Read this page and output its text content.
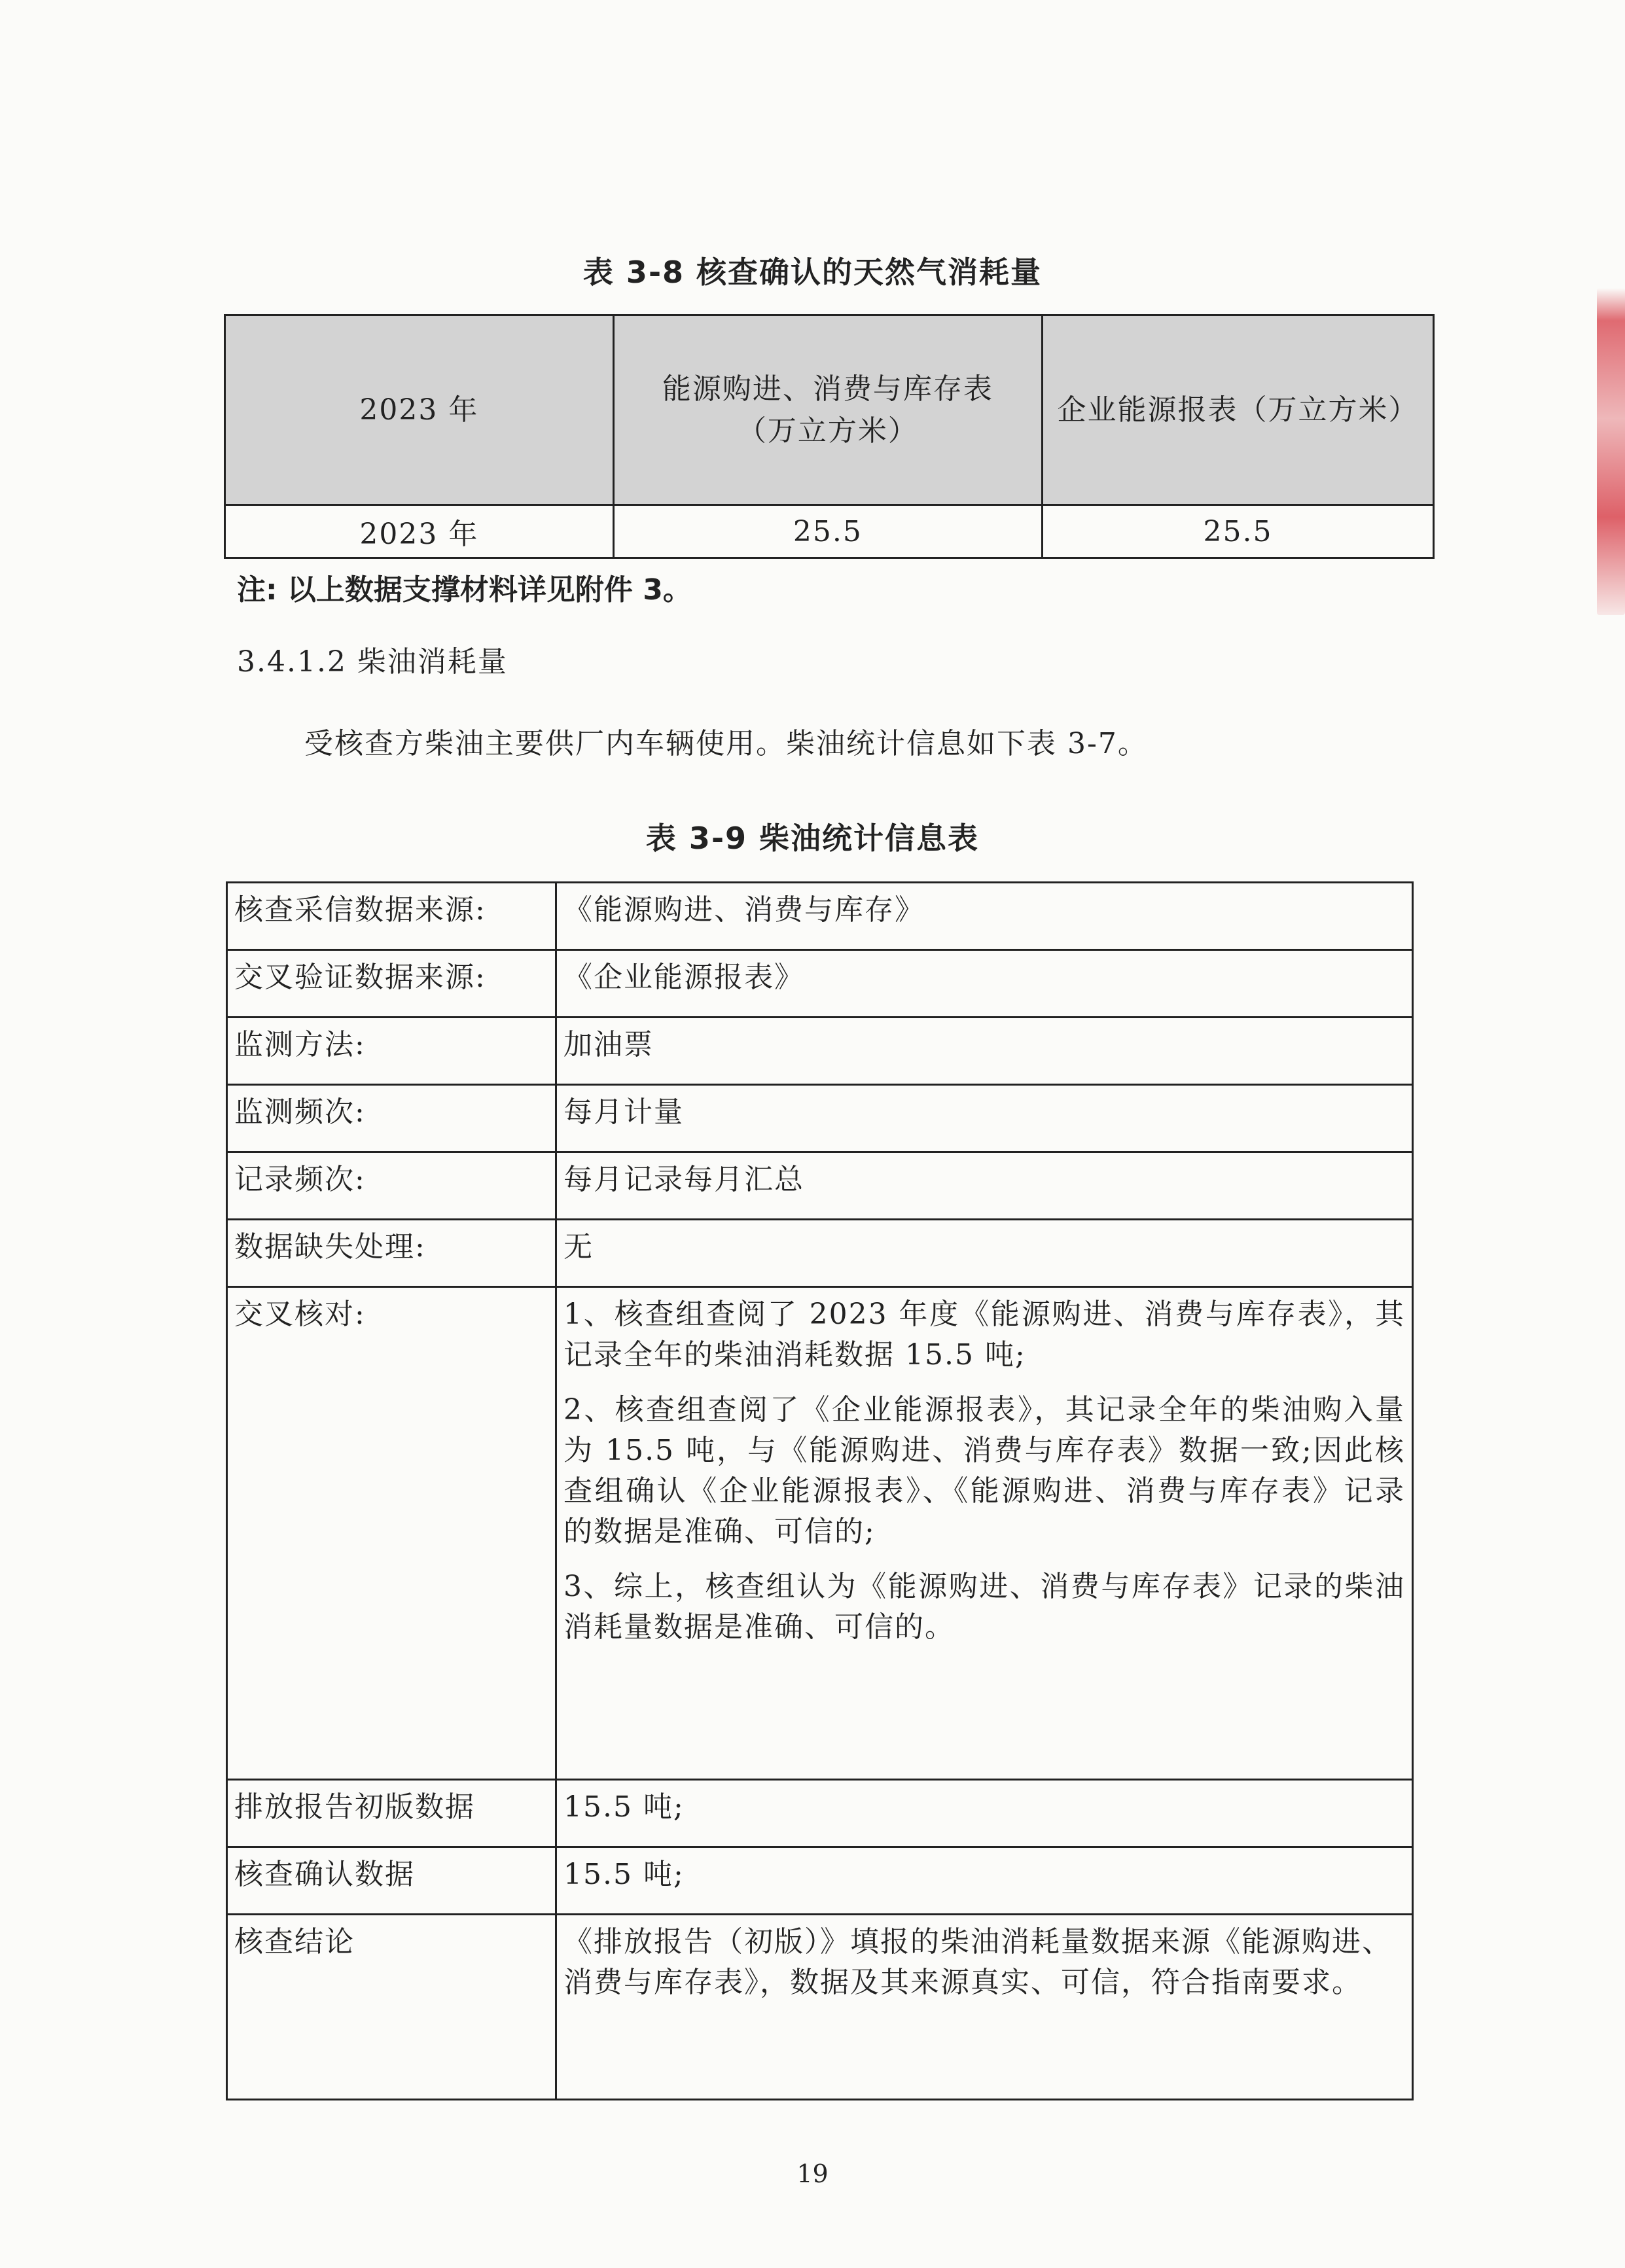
表 3-8 核查确认的天然气消耗量
2023 年	能源购进、消费与库存表（万立方米）	企业能源报表（万立方米）
2023 年	25.5	25.5
注: 以上数据支撑材料详见附件 3。
3.4.1.2 柴油消耗量
受核查方柴油主要供厂内车辆使用。柴油统计信息如下表 3-7。
表 3-9 柴油统计信息表
核查采信数据来源:	《能源购进、消费与库存》
交叉验证数据来源:	《企业能源报表》
监测方法:	加油票
监测频次:	每月计量
记录频次:	每月记录每月汇总
数据缺失处理:	无
交叉核对:	1、核查组查阅了 2023 年度《能源购进、消费与库存表》，其记录全年的柴油消耗数据 15.5 吨;

2、核查组查阅了《企业能源报表》，其记录全年的柴油购入量为 15.5 吨，与《能源购进、消费与库存表》数据一致;因此核查组确认《企业能源报表》、《能源购进、消费与库存表》记录的数据是准确、可信的;

3、综上，核查组认为《能源购进、消费与库存表》记录的柴油消耗量数据是准确、可信的。

排放报告初版数据	15.5 吨;
核查确认数据	15.5 吨;
核查结论	《排放报告（初版）》填报的柴油消耗量数据来源《能源购进、消费与库存表》，数据及其来源真实、可信，符合指南要求。
19
